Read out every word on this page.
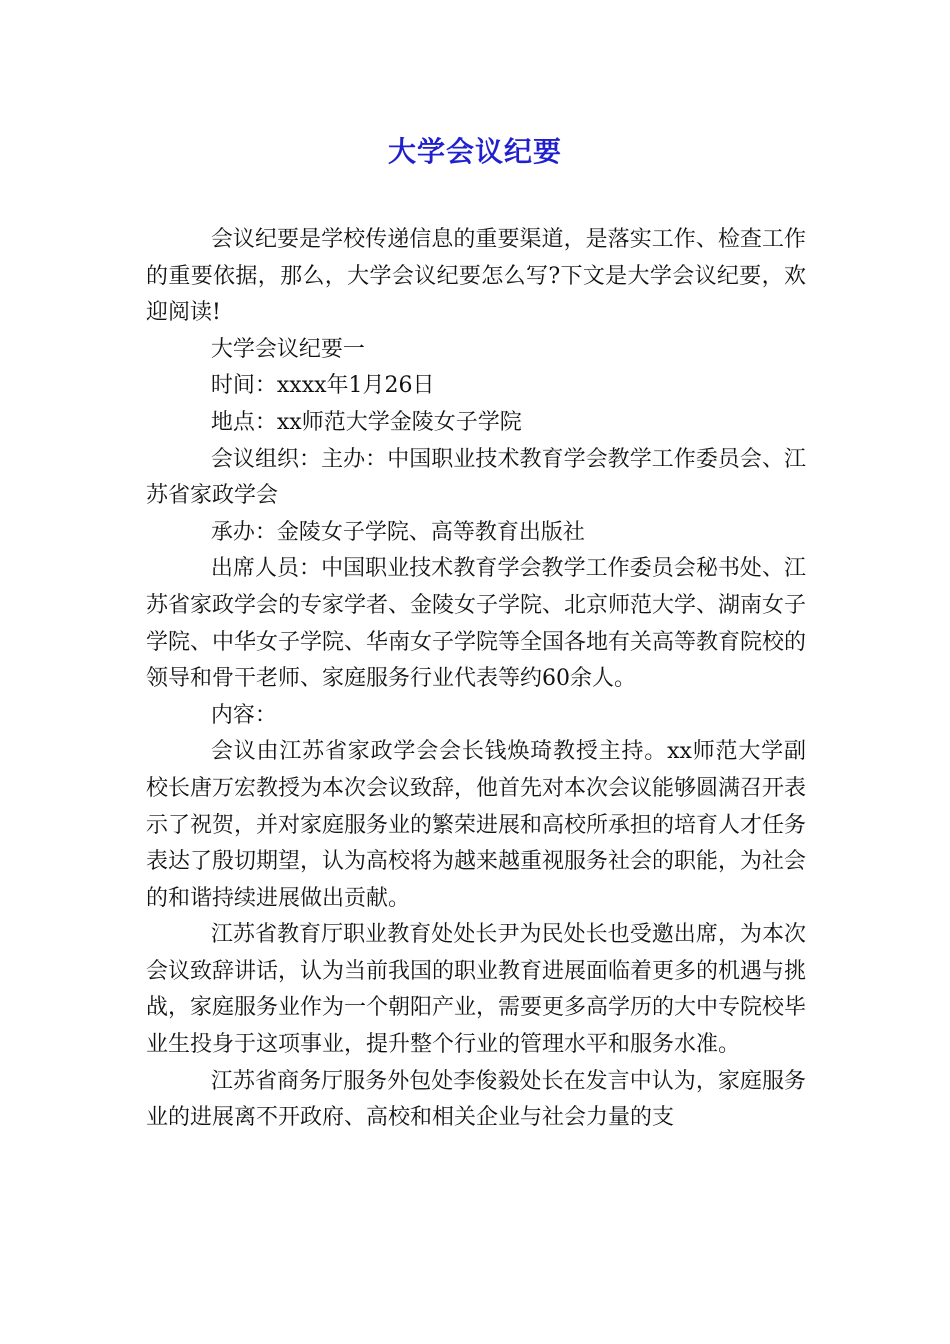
大学会议纪要

会议纪要是学校传递信息的重要渠道，是落实工作、检查工作的重要依据，那么，大学会议纪要怎么写?下文是大学会议纪要，欢迎阅读!

大学会议纪要一

时间：xxxx年1月26日

地点：xx师范大学金陵女子学院

会议组织：主办：中国职业技术教育学会教学工作委员会、江苏省家政学会

承办：金陵女子学院、高等教育出版社

出席人员：中国职业技术教育学会教学工作委员会秘书处、江苏省家政学会的专家学者、金陵女子学院、北京师范大学、湖南女子学院、中华女子学院、华南女子学院等全国各地有关高等教育院校的领导和骨干老师、家庭服务行业代表等约60余人。

内容：

会议由江苏省家政学会会长钱焕琦教授主持。xx师范大学副校长唐万宏教授为本次会议致辞，他首先对本次会议能够圆满召开表示了祝贺，并对家庭服务业的繁荣进展和高校所承担的培育人才任务表达了殷切期望，认为高校将为越来越重视服务社会的职能，为社会的和谐持续进展做出贡献。

江苏省教育厅职业教育处处长尹为民处长也受邀出席，为本次会议致辞讲话，认为当前我国的职业教育进展面临着更多的机遇与挑战，家庭服务业作为一个朝阳产业，需要更多高学历的大中专院校毕业生投身于这项事业，提升整个行业的管理水平和服务水准。

江苏省商务厅服务外包处李俊毅处长在发言中认为，家庭服务业的进展离不开政府、高校和相关企业与社会力量的支
